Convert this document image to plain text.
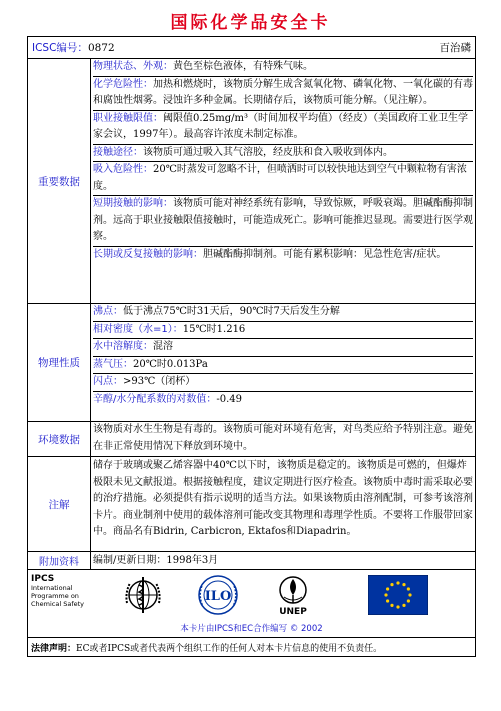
国际化学品安全卡
ICSC编号：0872	百治磷
重要数据
物理状态、外观：黄色至棕色液体，有特殊气味。
化学危险性：加热和燃烧时，该物质分解生成含氮氧化物、磷氧化物、一氧化碳的有毒和腐蚀性烟雾。浸蚀许多种金属。长期储存后，该物质可能分解。（见注解）。
职业接触限值：阈限值0.25mg/m³（时间加权平均值）（经皮）（美国政府工业卫生学家会议，1997年）。最高容许浓度未制定标准。
接触途径：该物质可通过吸入其气溶胶，经皮肤和食入吸收到体内。
吸入危险性：20℃时蒸发可忽略不计，但喷洒时可以较快地达到空气中颗粒物有害浓度。
短期接触的影响：该物质可能对神经系统有影响，导致惊厥，呼吸衰竭。胆碱酯酶抑制剂。远高于职业接触限值接触时，可能造成死亡。影响可能推迟显现。需要进行医学观察。
长期或反复接触的影响：胆碱酯酶抑制剂。可能有累积影响：见急性危害/症状。
物理性质
沸点：低于沸点75℃时31天后，90℃时7天后发生分解
相对密度（水=1）：15℃时1.216
水中溶解度：混溶
蒸气压：20℃时0.013Pa
闪点：>93℃（闭杯）
辛醇/水分配系数的对数值：-0.49
环境数据
该物质对水生生物是有毒的。该物质可能对环境有危害，对鸟类应给予特别注意。避免在非正常使用情况下释放到环境中。
注解
储存于玻璃或聚乙烯容器中40℃以下时，该物质是稳定的。该物质是可燃的，但爆炸极限未见文献报道。根据接触程度，建议定期进行医疗检查。该物质中毒时需采取必要的治疗措施。必须提供有指示说明的适当方法。如果该物质由溶剂配制，可参考该溶剂卡片。商业制剂中使用的载体溶剂可能改变其物理和毒理学性质。不要将工作服带回家中。商品名有Bidrin, Carbicron, Ektafos和Diapadrin。
附加资料	编制/更新日期：1998年3月
IPCS
International
Programme on
Chemical Safety	ILO
UNEP
本卡片由IPCS和EC合作编写 © 2002
法律声明： EC或者IPCS或者代表两个组织工作的任何人对本卡片信息的使用不负责任。
